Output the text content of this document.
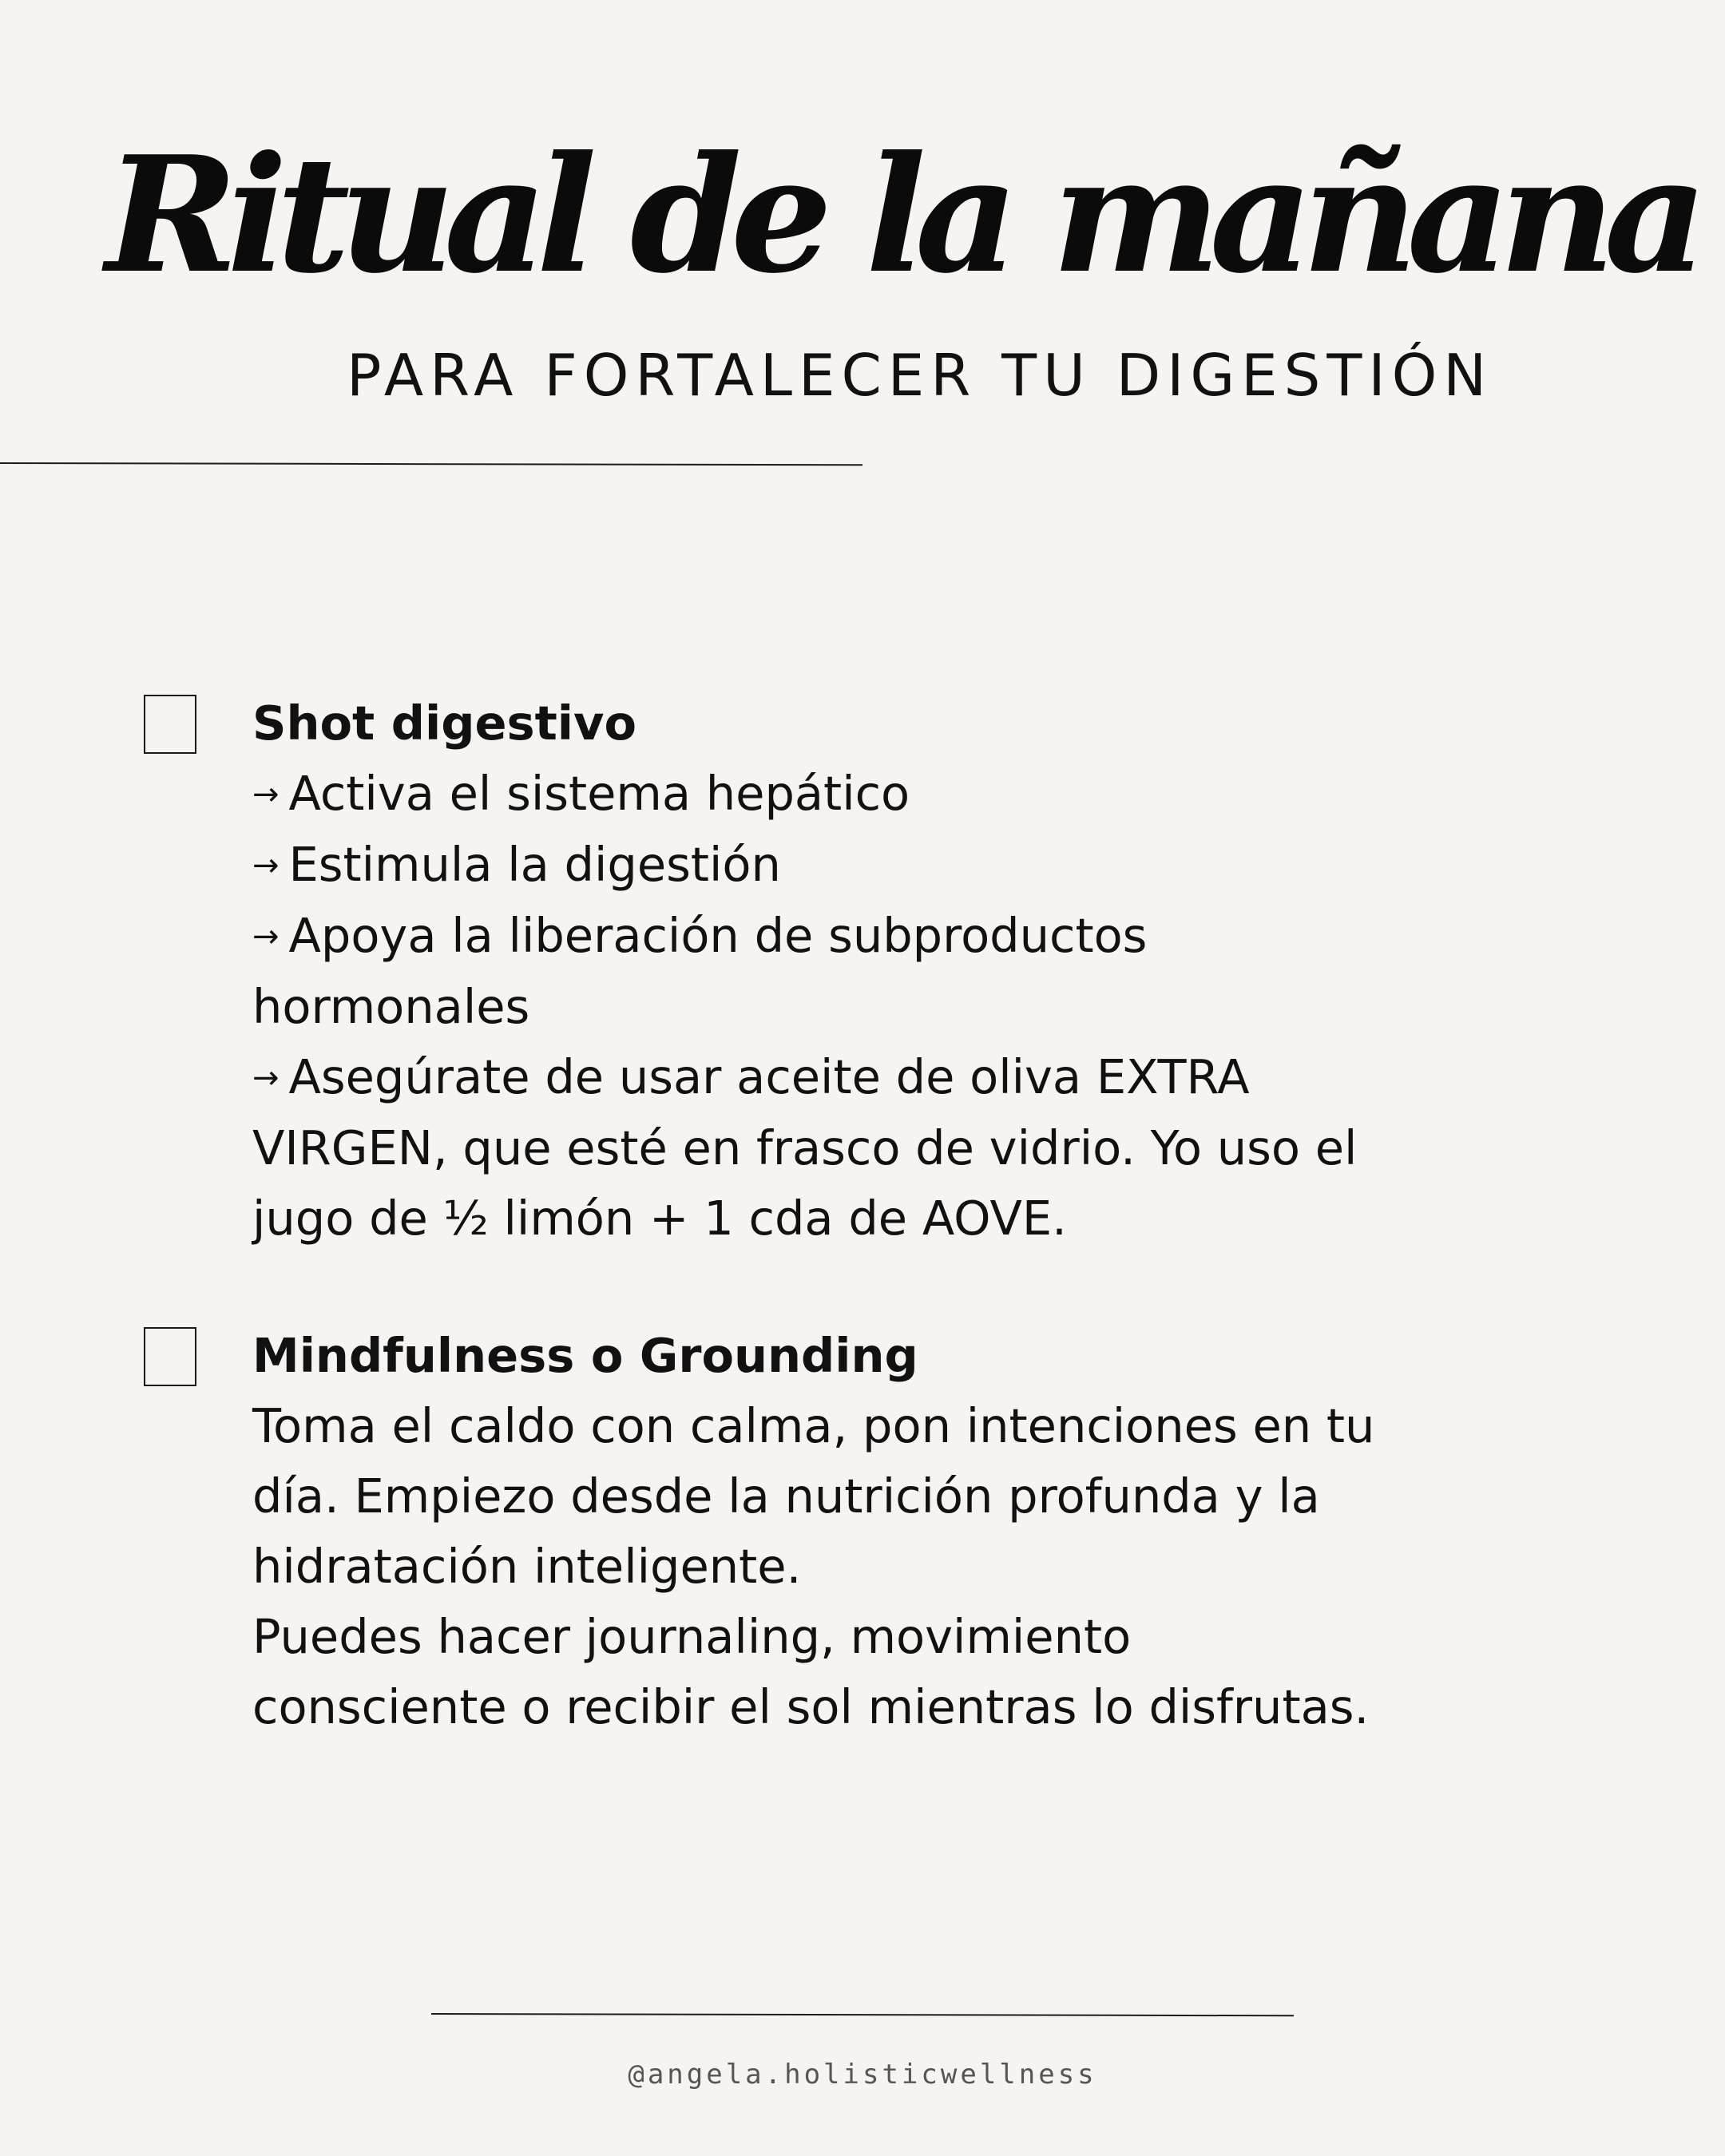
Ritual de la mañana
PARA FORTALECER TU DIGESTIÓN
Shot digestivo
→ Activa el sistema hepático
→ Estimula la digestión
→ Apoya la liberación de subproductos
hormonales
→ Asegúrate de usar aceite de oliva EXTRA
VIRGEN, que esté en frasco de vidrio. Yo uso el
jugo de ½ limón + 1 cda de AOVE.
Mindfulness o Grounding
Toma el caldo con calma, pon intenciones en tu
día. Empiezo desde la nutrición profunda y la
hidratación inteligente.
Puedes hacer journaling, movimiento
consciente o recibir el sol mientras lo disfrutas.
@angela.holisticwellness
